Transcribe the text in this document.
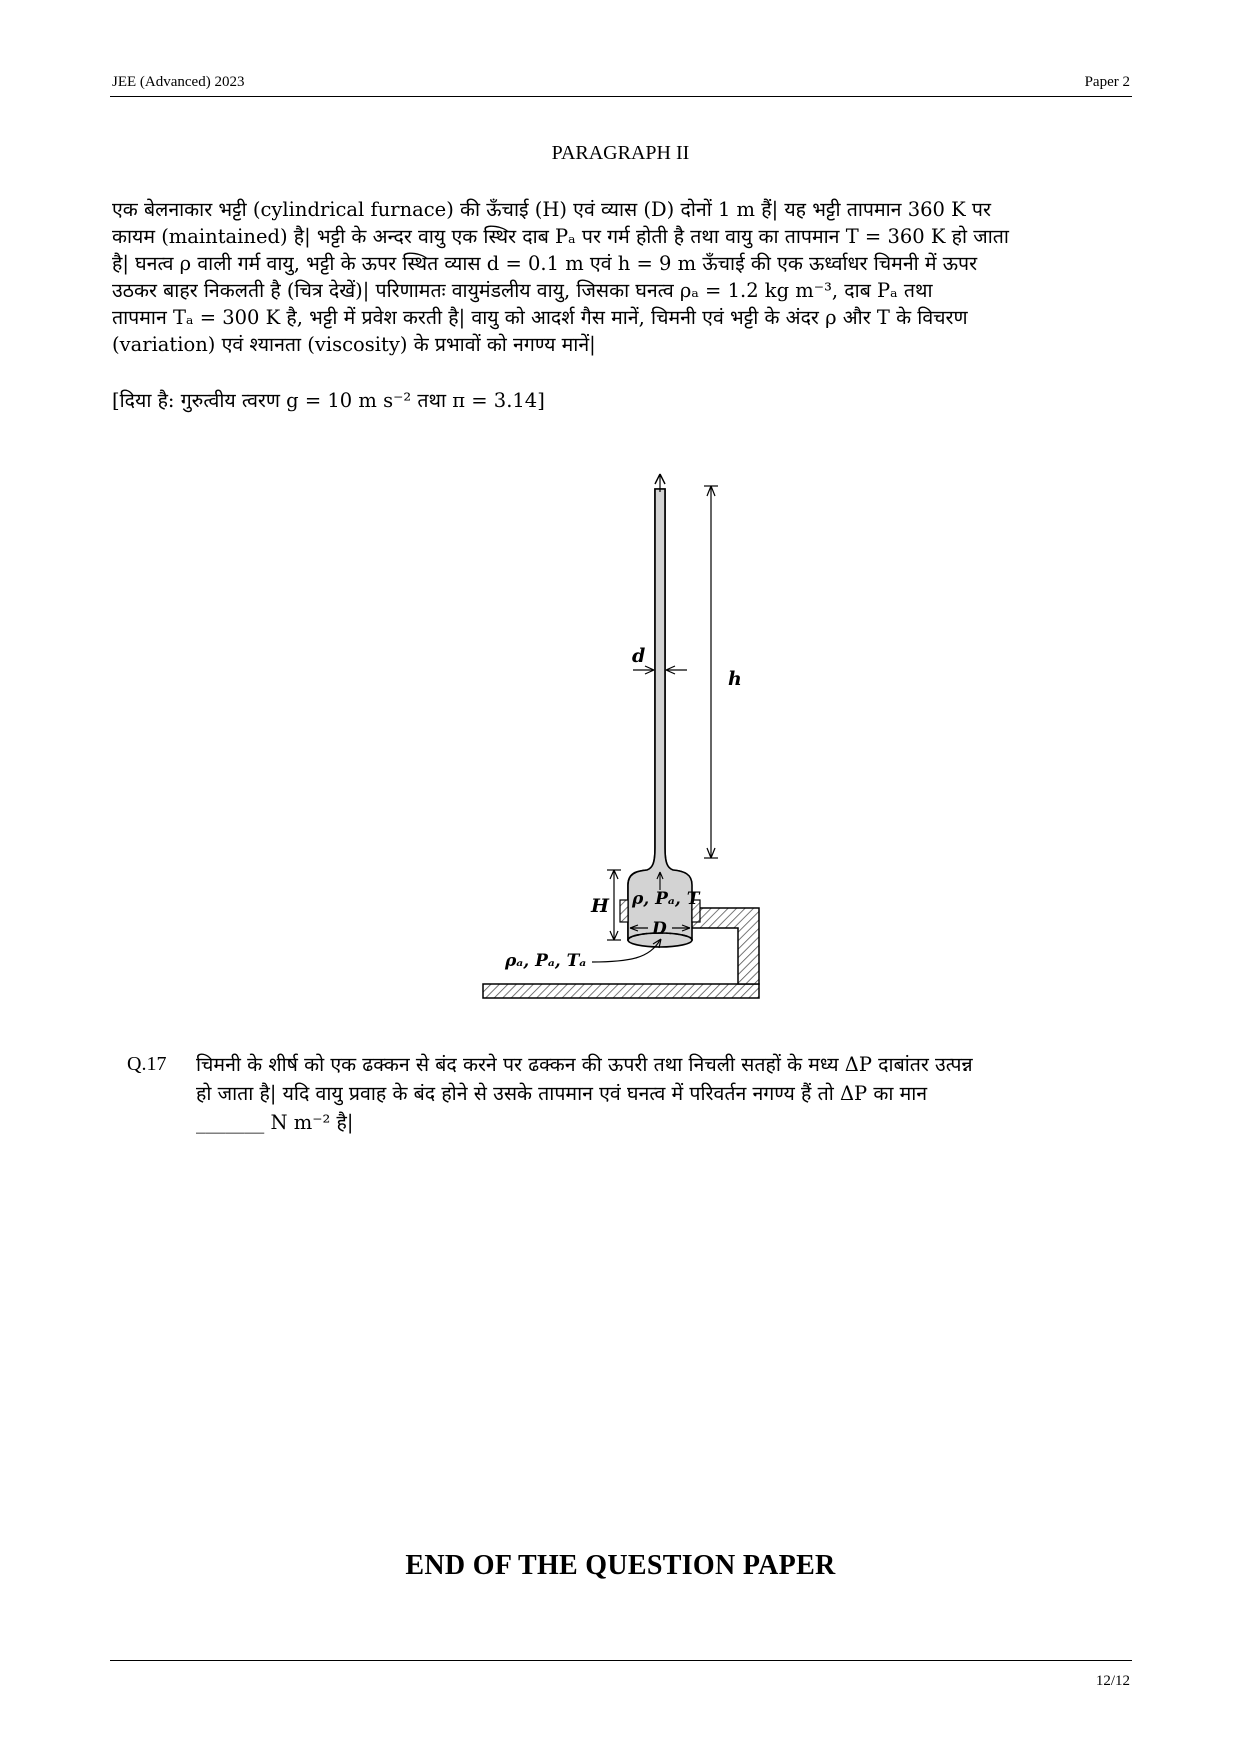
JEE (Advanced) 2023	Paper 2
PARAGRAPH II
एक बेलनाकार भट्टी (cylindrical furnace) की ऊँचाई (H) एवं व्यास (D) दोनों 1 m हैं| यह भट्टी तापमान 360 K पर
कायम (maintained) है| भट्टी के अन्दर वायु एक स्थिर दाब Pₐ पर गर्म होती है तथा वायु का तापमान T = 360 K हो जाता
है| घनत्व ρ वाली गर्म वायु, भट्टी के ऊपर स्थित व्यास d = 0.1 m एवं h = 9 m ऊँचाई की एक ऊर्ध्वाधर चिमनी में ऊपर
उठकर बाहर निकलती है (चित्र देखें)| परिणामतः वायुमंडलीय वायु, जिसका घनत्व ρₐ = 1.2 kg m⁻³, दाब Pₐ तथा
तापमान Tₐ = 300 K है, भट्टी में प्रवेश करती है| वायु को आदर्श गैस मानें, चिमनी एवं भट्टी के अंदर ρ और T के विचरण
(variation) एवं श्यानता (viscosity) के प्रभावों को नगण्य मानें|
[दिया है: गुरुत्वीय त्वरण g = 10 m s⁻² तथा π = 3.14]
h
d
H
D
ρ, Pₐ, T
ρₐ, Pₐ, Tₐ
Q.17 चिमनी के शीर्ष को एक ढक्कन से बंद करने पर ढक्कन की ऊपरी तथा निचली सतहों के मध्य ΔP दाबांतर उत्पन्न
हो जाता है| यदि वायु प्रवाह के बंद होने से उसके तापमान एवं घनत्व में परिवर्तन नगण्य हैं तो ΔP का मान
_______ N m⁻² है|
END OF THE QUESTION PAPER
12/12
